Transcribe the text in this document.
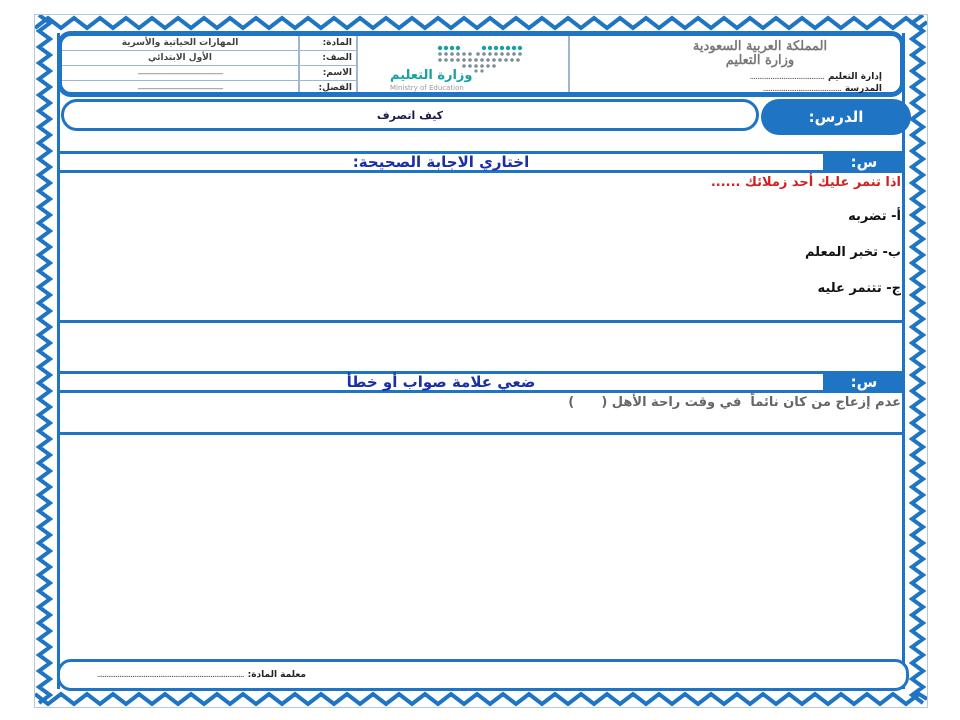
المملكة العربية السعودية
وزارة التعليم
إدارة التعليم
........................................
المدرسة
..........................................
وزارة التعليم
Ministry of Education
المادة:
الصف:
الاسم:
الفصل:
المهارات الحياتية والأسرية
الأول الابتدائي
---------------------------------------------
---------------------------------------------
الدرس:
كيف اتصرف
س:
اختاري الاجابة الصحيحة:
اذا تنمر عليك أحد زملائك ......
أ- تضربه
ب- تخبر المعلم
ج- تتنمر عليه
س:
ضعي علامة صواب أو خطأ
عدم إزعاج من كان نائماً  في وقت راحة الأهل (      )
معلمة المادة:
...............................................................................
